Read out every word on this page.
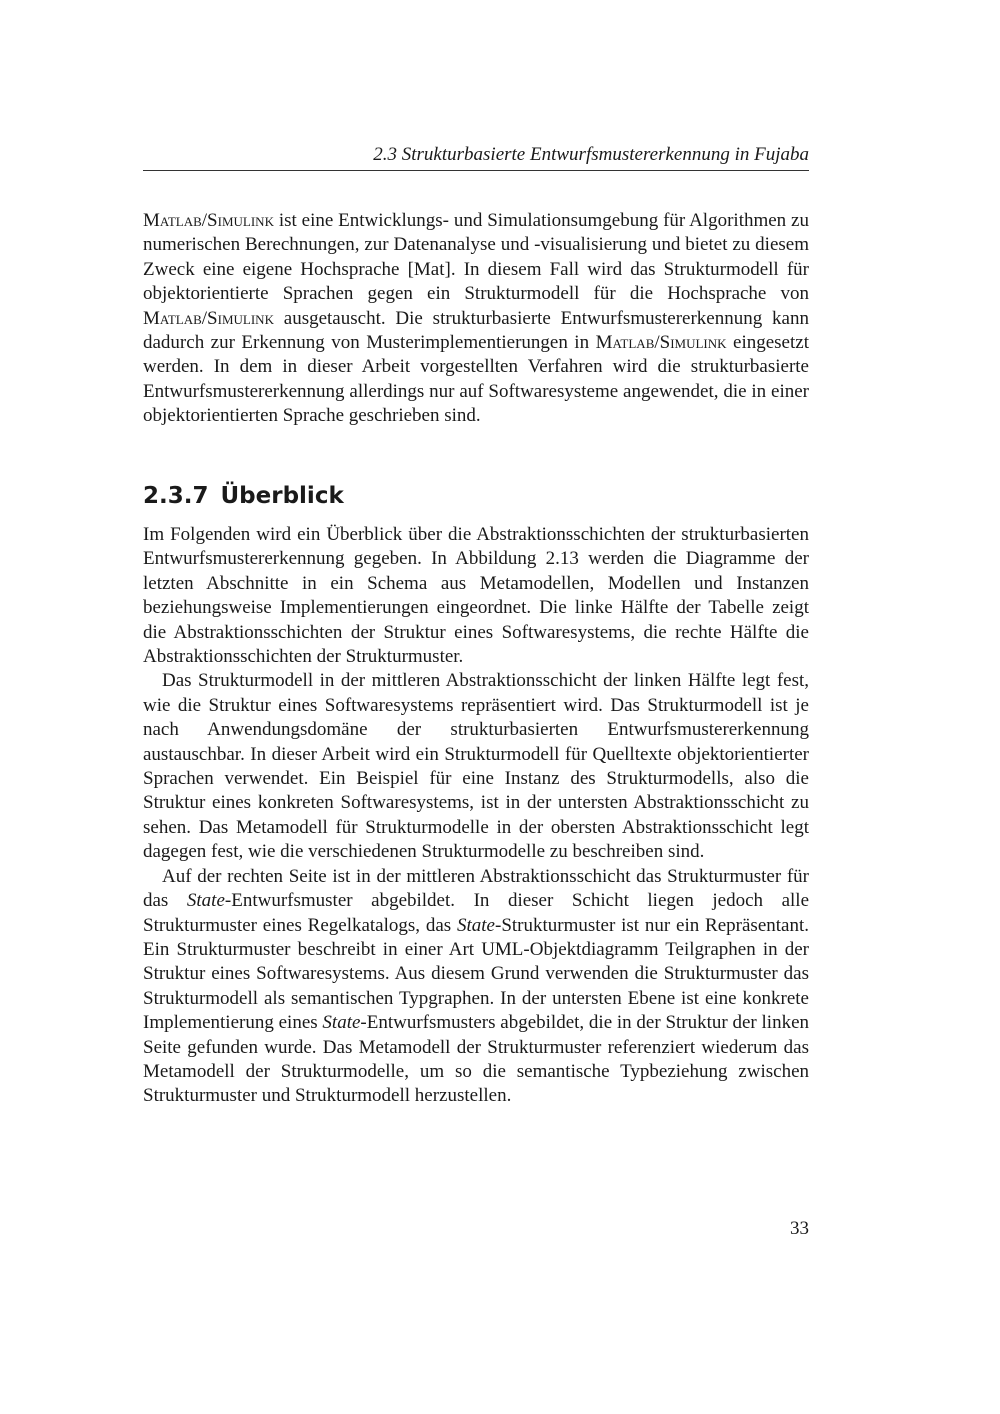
2.3 Strukturbasierte Entwurfsmustererkennung in Fujaba

Matlab/Simulink ist eine Entwicklungs- und Simulationsumgebung für Algorithmen zu numerischen Berechnungen, zur Datenanalyse und -visualisierung und bietet zu diesem Zweck eine eigene Hochsprache [Mat]. In diesem Fall wird das Strukturmodell für objektorientierte Sprachen gegen ein Strukturmodell für die Hochsprache von Matlab/Simulink ausgetauscht. Die strukturbasierte Entwurfsmustererkennung kann dadurch zur Erkennung von Musterimplementierungen in Matlab/Simulink eingesetzt werden. In dem in dieser Arbeit vorgestellten Verfahren wird die strukturbasierte Entwurfsmustererkennung allerdings nur auf Softwaresysteme angewendet, die in einer objektorientierten Sprache geschrieben sind.

2.3.7 Überblick

Im Folgenden wird ein Überblick über die Abstraktionsschichten der strukturbasierten Entwurfsmustererkennung gegeben. In Abbildung 2.13 werden die Diagramme der letzten Abschnitte in ein Schema aus Metamodellen, Modellen und Instanzen beziehungsweise Implementierungen eingeordnet. Die linke Hälfte der Tabelle zeigt die Abstraktionsschichten der Struktur eines Softwaresystems, die rechte Hälfte die Abstraktionsschichten der Strukturmuster.

Das Strukturmodell in der mittleren Abstraktionsschicht der linken Hälfte legt fest, wie die Struktur eines Softwaresystems repräsentiert wird. Das Strukturmodell ist je nach Anwendungsdomäne der strukturbasierten Entwurfsmustererkennung austauschbar. In dieser Arbeit wird ein Strukturmodell für Quelltexte objektorientierter Sprachen verwendet. Ein Beispiel für eine Instanz des Strukturmodells, also die Struktur eines konkreten Softwaresystems, ist in der untersten Abstraktionsschicht zu sehen. Das Metamodell für Strukturmodelle in der obersten Abstraktionsschicht legt dagegen fest, wie die verschiedenen Strukturmodelle zu beschreiben sind.

Auf der rechten Seite ist in der mittleren Abstraktionsschicht das Strukturmuster für das State-Entwurfsmuster abgebildet. In dieser Schicht liegen jedoch alle Strukturmuster eines Regelkatalogs, das State-Strukturmuster ist nur ein Repräsentant. Ein Strukturmuster beschreibt in einer Art UML-Objektdiagramm Teilgraphen in der Struktur eines Softwaresystems. Aus diesem Grund verwenden die Strukturmuster das Strukturmodell als semantischen Typgraphen. In der untersten Ebene ist eine konkrete Implementierung eines State-Entwurfsmusters abgebildet, die in der Struktur der linken Seite gefunden wurde. Das Metamodell der Strukturmuster referenziert wiederum das Metamodell der Strukturmodelle, um so die semantische Typbeziehung zwischen Strukturmuster und Strukturmodell herzustellen.

33
